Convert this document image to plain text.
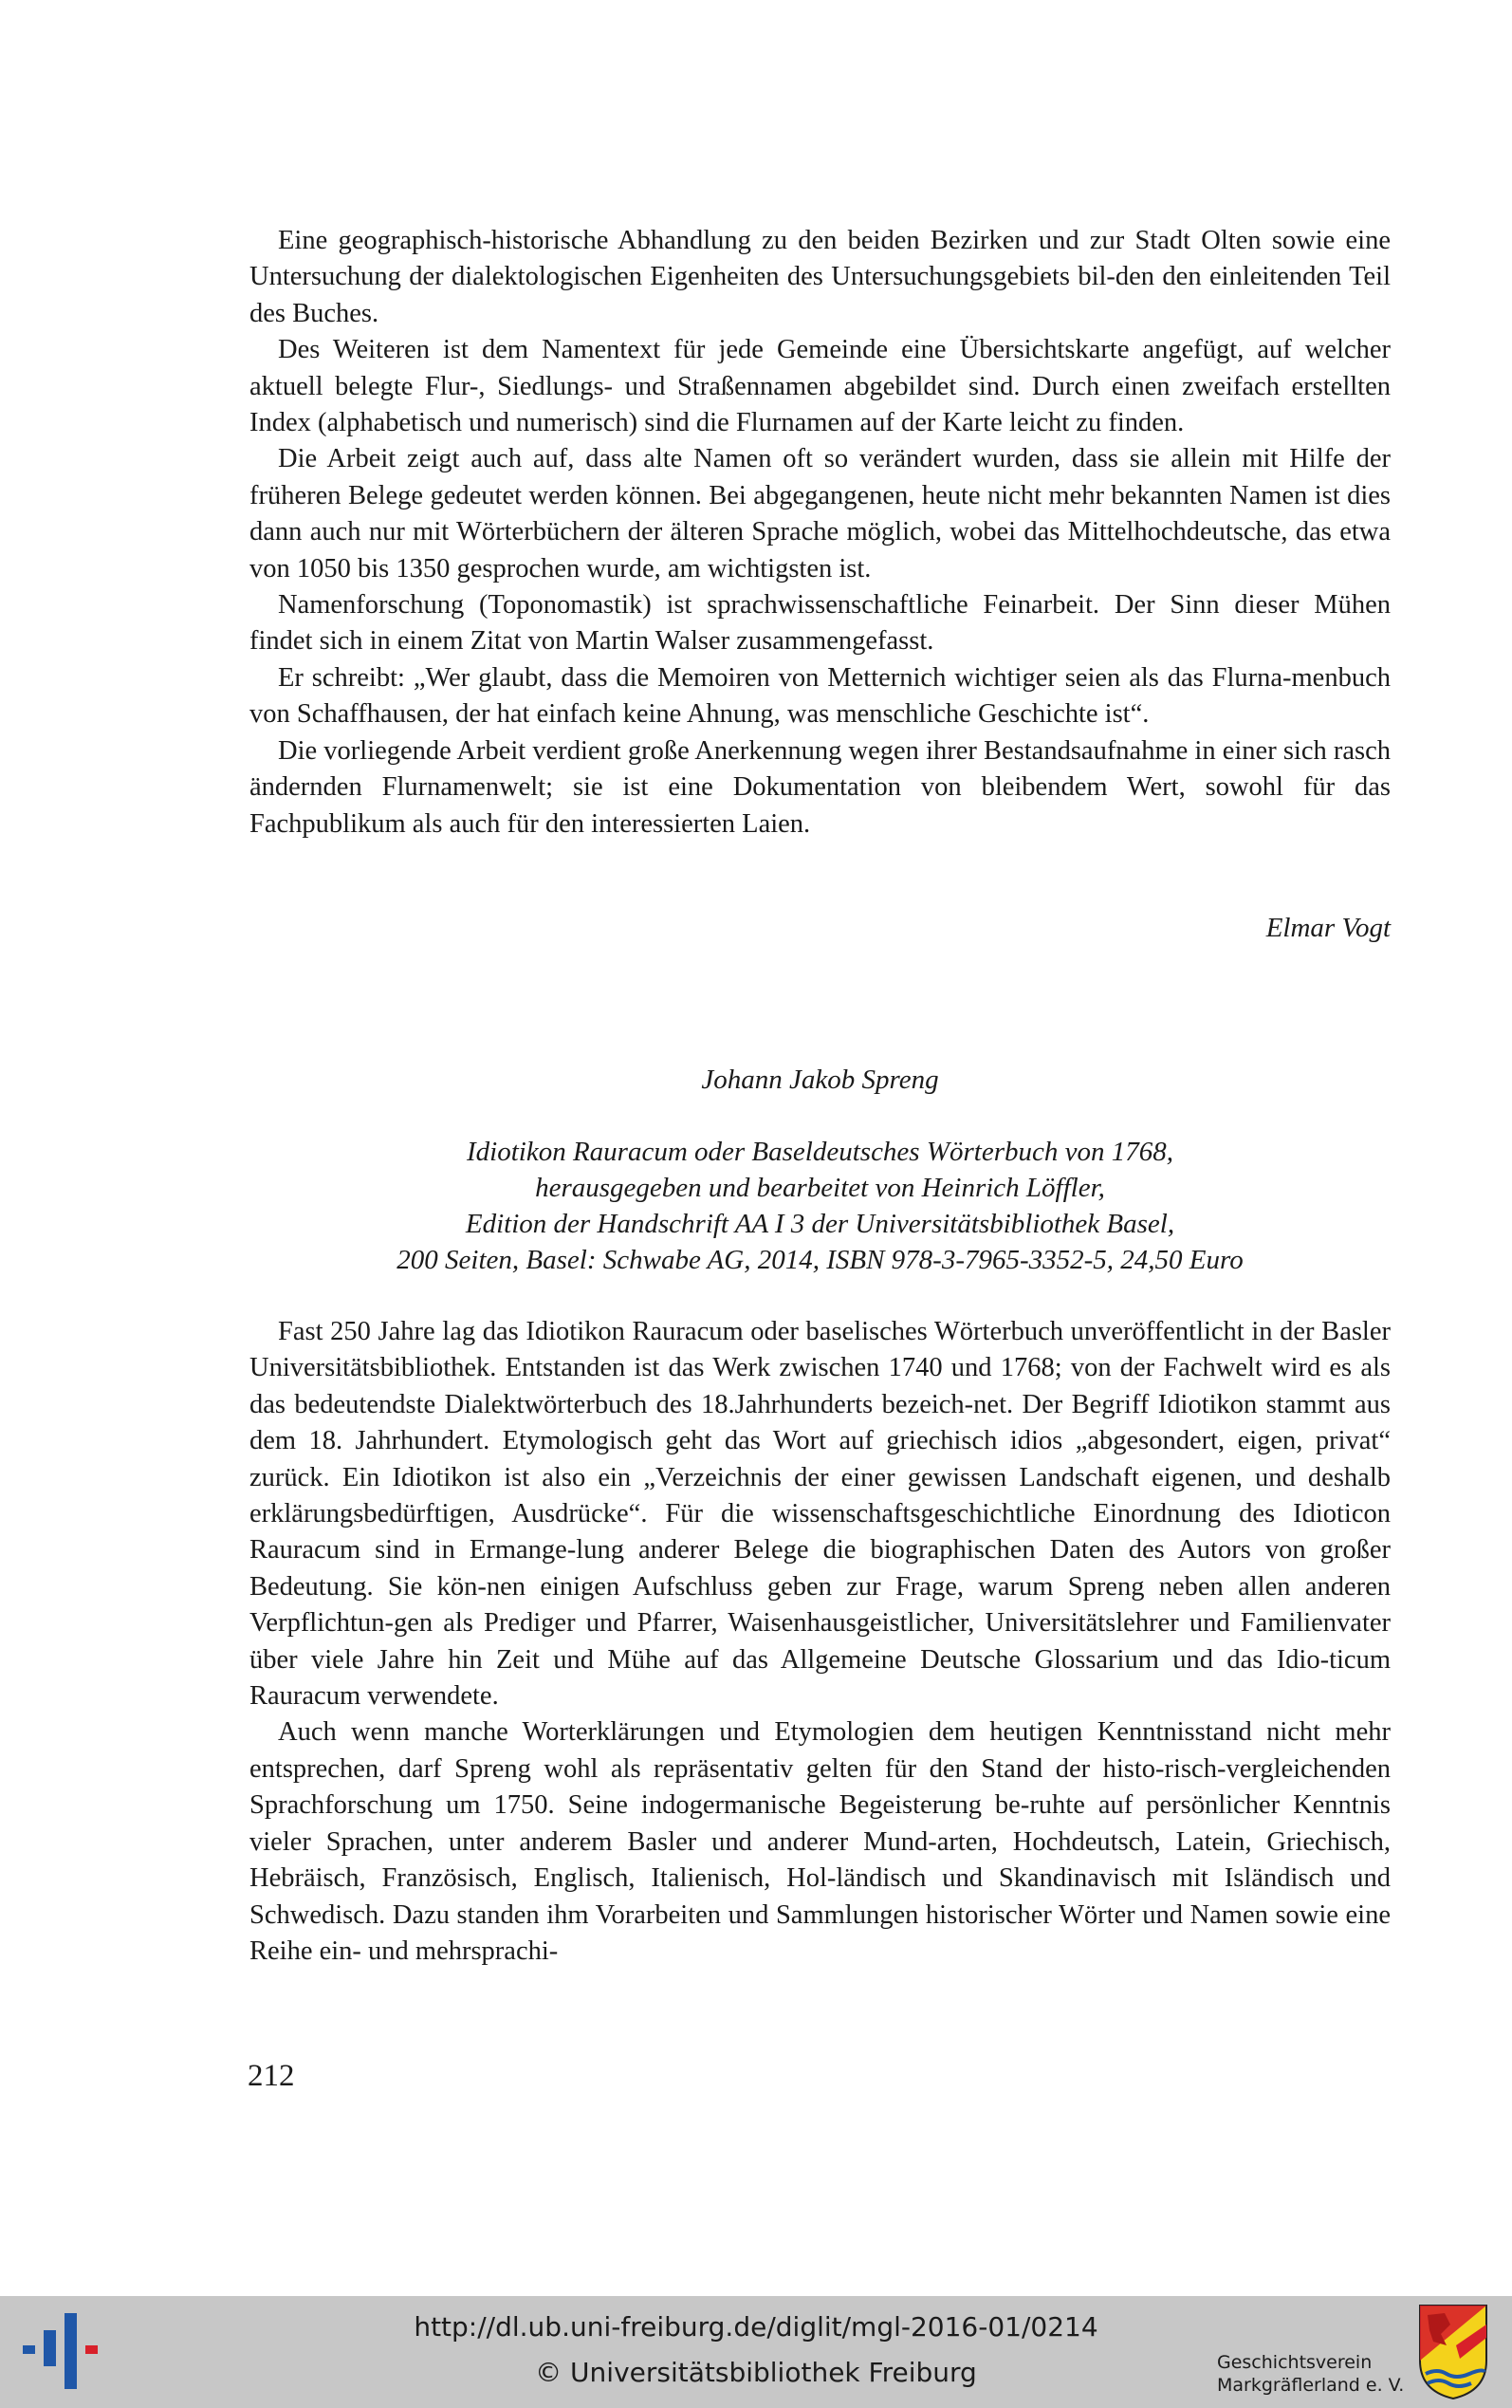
Eine geographisch-historische Abhandlung zu den beiden Bezirken und zur Stadt Olten sowie eine Untersuchung der dialektologischen Eigenheiten des Untersuchungsgebiets bil-den den einleitenden Teil des Buches.

Des Weiteren ist dem Namentext für jede Gemeinde eine Übersichtskarte angefügt, auf welcher aktuell belegte Flur-, Siedlungs- und Straßennamen abgebildet sind. Durch einen zweifach erstellten Index (alphabetisch und numerisch) sind die Flurnamen auf der Karte leicht zu finden.

Die Arbeit zeigt auch auf, dass alte Namen oft so verändert wurden, dass sie allein mit Hilfe der früheren Belege gedeutet werden können. Bei abgegangenen, heute nicht mehr bekannten Namen ist dies dann auch nur mit Wörterbüchern der älteren Sprache möglich, wobei das Mittelhochdeutsche, das etwa von 1050 bis 1350 gesprochen wurde, am wichtigsten ist.

Namenforschung (Toponomastik) ist sprachwissenschaftliche Feinarbeit. Der Sinn dieser Mühen findet sich in einem Zitat von Martin Walser zusammengefasst.

Er schreibt: „Wer glaubt, dass die Memoiren von Metternich wichtiger seien als das Flurna-menbuch von Schaffhausen, der hat einfach keine Ahnung, was menschliche Geschichte ist“.

Die vorliegende Arbeit verdient große Anerkennung wegen ihrer Bestandsaufnahme in einer sich rasch ändernden Flurnamenwelt; sie ist eine Dokumentation von bleibendem Wert, sowohl für das Fachpublikum als auch für den interessierten Laien.

Elmar Vogt
Johann Jakob Spreng
Idiotikon Rauracum oder Baseldeutsches Wörterbuch von 1768,
herausgegeben und bearbeitet von Heinrich Löffler,
Edition der Handschrift AA I 3 der Universitätsbibliothek Basel,
200 Seiten, Basel: Schwabe AG, 2014, ISBN 978-3-7965-3352-5, 24,50 Euro

Fast 250 Jahre lag das Idiotikon Rauracum oder baselisches Wörterbuch unveröffentlicht in der Basler Universitätsbibliothek. Entstanden ist das Werk zwischen 1740 und 1768; von der Fachwelt wird es als das bedeutendste Dialektwörterbuch des 18.Jahrhunderts bezeich-net. Der Begriff Idiotikon stammt aus dem 18. Jahrhundert. Etymologisch geht das Wort auf griechisch idios „abgesondert, eigen, privat“ zurück. Ein Idiotikon ist also ein „Verzeichnis der einer gewissen Landschaft eigenen, und deshalb erklärungsbedürftigen, Ausdrücke“. Für die wissenschaftsgeschichtliche Einordnung des Idioticon Rauracum sind in Ermange-lung anderer Belege die biographischen Daten des Autors von großer Bedeutung. Sie kön-nen einigen Aufschluss geben zur Frage, warum Spreng neben allen anderen Verpflichtun-gen als Prediger und Pfarrer, Waisenhausgeistlicher, Universitätslehrer und Familienvater über viele Jahre hin Zeit und Mühe auf das Allgemeine Deutsche Glossarium und das Idio-ticum Rauracum verwendete.

Auch wenn manche Worterklärungen und Etymologien dem heutigen Kenntnisstand nicht mehr entsprechen, darf Spreng wohl als repräsentativ gelten für den Stand der histo-risch-vergleichenden Sprachforschung um 1750. Seine indogermanische Begeisterung be-ruhte auf persönlicher Kenntnis vieler Sprachen, unter anderem Basler und anderer Mund-arten, Hochdeutsch, Latein, Griechisch, Hebräisch, Französisch, Englisch, Italienisch, Hol-ländisch und Skandinavisch mit Isländisch und Schwedisch. Dazu standen ihm Vorarbeiten und Sammlungen historischer Wörter und Namen sowie eine Reihe ein- und mehrsprachi-

212
http://dl.ub.uni-freiburg.de/diglit/mgl-2016-01/0214
© Universitätsbibliothek Freiburg	Geschichtsverein
Markgräflerland e. V.
